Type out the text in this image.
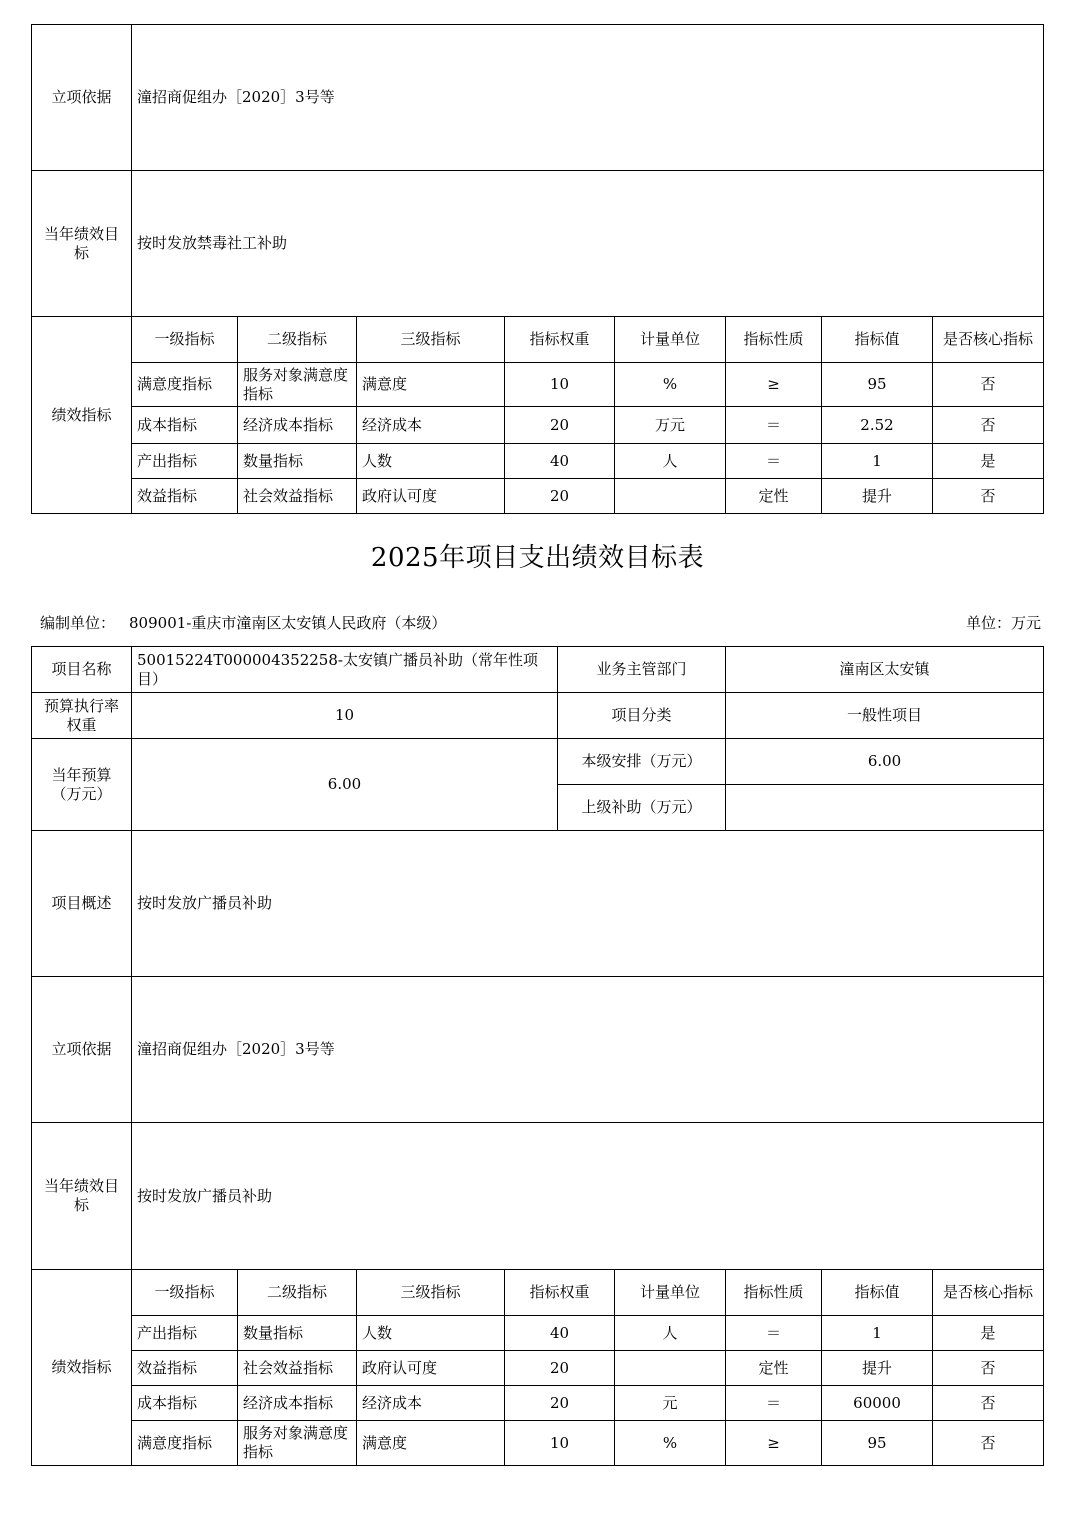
立项依据	潼招商促组办［2020］3号等							
当年绩效目标	按时发放禁毒社工补助							
绩效指标	一级指标	二级指标	三级指标	指标权重	计量单位	指标性质	指标值	是否核心指标
	满意度指标	服务对象满意度指标	满意度	10	%	≥	95	否
	成本指标	经济成本指标	经济成本	20	万元	＝	2.52	否
	产出指标	数量指标	人数	40	人	＝	1	是
	效益指标	社会效益指标	政府认可度	20		定性	提升	否
2025年项目支出绩效目标表
编制单位： 809001-重庆市潼南区太安镇人民政府（本级）	单位：万元
项目名称	50015224T000004352258-太安镇广播员补助（常年性项目）				业务主管部门		潼南区太安镇		
预算执行率权重	10				项目分类		一般性项目		
当年预算（万元）	6.00				本级安排（万元）		6.00		
					上级补助（万元）				
项目概述	按时发放广播员补助								
立项依据	潼招商促组办［2020］3号等								
当年绩效目标	按时发放广播员补助								
绩效指标	一级指标	二级指标	三级指标	指标权重		计量单位	指标性质	指标值	是否核心指标
	产出指标	数量指标	人数	40		人	＝	1	是
	效益指标	社会效益指标	政府认可度	20			定性	提升	否
	成本指标	经济成本指标	经济成本	20		元	＝	60000	否
	满意度指标	服务对象满意度指标	满意度	10		%	≥	95	否
